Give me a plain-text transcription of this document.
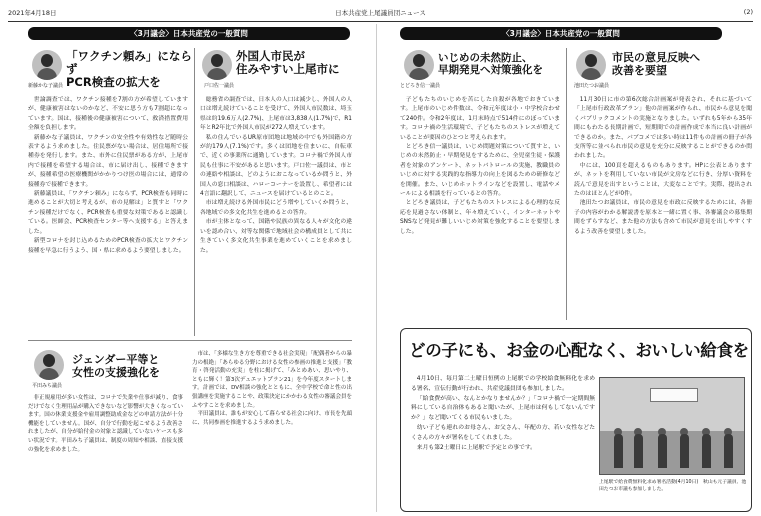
2021年4月18日	日本共産党上尾議員団ニュース	(2)
〈3月議会〉日本共産党の一般質問	〈3月議会〉日本共産党の一般質問
新藤かな子議員
「ワクチン頼み」にならず
PCR検査の拡大を

世論調査では、ワクチン接種を7割の方が希望していますが、健康被害はないのかなど、不安に思う方も7割超になっています。国は、接種後の健康被害について、救済措置費用全額を負担します。

新藤かな子議員は、ワクチンの安全性や有効性など随時公表するよう求めました。住民票がない場合は、居住場所で接種券を発行します。また、市外に住民票がある方が、上尾市内で接種を希望する場合は、市に届け出し、接種できますが、接種希望の医療機関がかかりつけ医の場合には、通常の接種券で接種できます。

新藤議員は、「ワクチン頼み」にならず、PCR検査も同時に進めることが大切と考えるが、市の見解は」と質すと「ワクチン接種だけでなく、PCR検査も重要な対策であると認識している。医師会、PCR検査センター等へ支援する」と答えました。

新型コロナを封じ込めるためのPCR検査の拡大とワクチン接種を早急に行うよう、国・県に求めるよう要望しました。

戸口佐一議員
外国人市民が
住みやすい上尾市に

総務省の調査では、日本人の人口は減少し、外国人の人口は増え続けていることを受けて、外国人市民数は、埼玉県は約19.6万人(2.7%)、上尾市は3,838人(1.7%)で、R1年とR2年比で外国人市民が272人増えています。

私の住んでいるUR原市団地は地域の中でも外国籍の方が約179人(7.1%)です。多くは団地を住まいに、自転車で、近くの事業所に通勤しています。コロナ禍で外国人市民も仕事に不安があると思います。戸口佐一議員は、市との連絡や相談は、どのようにおこなっているか問うと、外国人の窓口相談は、ハローコーナーを設置し、希望者には4言語に翻訳して、ニュースを届けているとのこと。

市は増え続ける外国市民にどう増やしていくか問うと、各地域での多文化共生を進めるとの答弁。

市が主体となって、国籍や民族の異なる人々が文化の違いを認め合い、対等な関係で地域社会の構成員として共に生きていく多文化共生事業を進めていくことを求めました。

平田みち議員
ジェンダー平等と
女性の支援強化を

非正規雇用が多い女性は、コロナで失業や仕事が減り、食事だけでなく生理用品が購入できないなど影響が大きくなっています。国の休業支援金や雇用調整助成金などの申請方法が十分機能をしていません。国が、自分で行動を起こせるよう改善されましたが、自分が給付金の対象と認識していないケースも多い状況です。平田みち子議員は、制度の周知や相談、直接支援の強化を求めました。

市は、「多様な生き方を尊重できる社会実現」「配偶者からの暴力の根絶」「あらゆる分野における女性の参画の推進と支援」「教育・啓発活動の充実」を柱に掲げて、「みとめあい、思いやり、ともに輝く！第3次デュエットプラン21」を今年度スタートします。計画では、DV相談の強化とともに、全中学校で命と性の出張講座を実施することや、政策決定にかかわる女性の審議会員をふやすことを求めました。

平田議員は、誰もが安心して暮らせる社会に向け、市長を先頭に、共同参画を推進するよう求めました。

とどろき信一議員
いじめの未然防止、
早期発見へ対策強化を

子どもたちのいじめを苦にした自殺が各地でおきています。上尾市のいじめ件数は、令和元年度は小・中学校合わせて240件。令和2年度は、1月末時点で514件にのぼっています。コロナ禍の生活環境で、子どもたちのストレスが増えていることが要因のひとつと考えられます。

とどろき信一議員は、いじめ問題対策について質すと、いじめの未然防止・早期発見をするために、全児童生徒・保護者を対象のアンケート、ネットパトロールの実施、教職員のいじめに対する実践的な指導力の向上を図るための研修などを開催。また、いじめホットラインなどを設置し、電話やメールによる相談を行っているとの答弁。

とどろき議員は、子どもたちのストレスによる心理的な反応を見過さない体制と、年々増えていく、インターネットやSNSなど発見が難しいいじめ対策を強化することを要望しました。

池田たつお議員
市民の意見反映へ
改善を要望

11月30日に市の第6次総合計画案が発表され、それに基づいて「上尾市行政改革プラン」他の計画案が作られ、市民から意見を聞くパブリックコメントの実施となりました。いずれも5年から35年間にもわたる長期計画で、短期間での計画作成で本当に良い計画ができるのか。また、パブコメでは多い時は11件もの計画の冊子が各支所等に並べられ市民の意見を充分に反映することができるのか問われました。

中には、100頁を超えるものもあります。HPに公表とありますが、ネットを利用していない市民が文房などに行き、分厚い資料を読んで意見を出すということは、大変なことです。実際、提出されたのはほとんどが0件。

池田たつお議員は、市民の意見を市政に反映するためには、各冊子の内容がわかる解説書を原本と一緒に置く事、各審議会の募集期間をずらすなど、また他の方法も含めて市民が意見を出しやすくするよう改善を要望しました。

どの子にも、お金の心配なく、おいしい給食を

4月10日、毎月第二土曜日恒例の上尾駅での学校給食無料化を求める署名、宣伝行動が行われ、共産党議員団も参加しました。

「給食費が高い、なんとかなりませんか？」「コロナ禍で一定期間無料にしている自治体もあると聞いたが、上尾市は何もしてないんですか？」など聞いてくる市民もいました。

幼い子ども連れのお母さん、お父さん、年配の方、若い女性などたくさんの方々が署名をしてくれました。

来月も第2土曜日に上尾駅で予定との事です。

上尾駅で給食費無料化求め署名活動(4月10日)　秋山も元子議員、池田たつお市議も参加しました。
